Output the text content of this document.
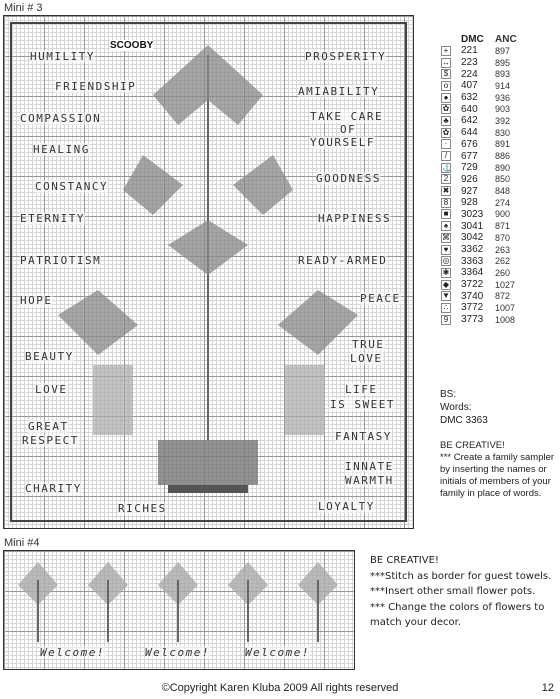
Mini # 3
SCOOBY
HUMILITY
FRIENDSHIP
COMPASSION
HEALING
CONSTANCY
ETERNITY
PATRIOTISM
HOPE
BEAUTY
LOVE
GREAT
RESPECT
CHARITY
RICHES
PROSPERITY
AMIABILITY
TAKE CARE
OF
YOURSELF
GOODNESS
HAPPINESS
READY-ARMED
PEACE
TRUE
LOVE
LIFE
IS SWEET
FANTASY
INNATE
WARMTH
LOYALTY
DMC	ANC
+ 221	897
↔ 223	895
$ 224	893
o 407	914
● 632	936
✿ 640	903
♣ 642	392
✿ 644	830
·	676	891
/	677	886
⚓ 729	890
2 926	850
✖ 927	848
8 928	274
■ 3023	900
♠ 3041	871
⌘ 3042	870
♥ 3362	263
◎ 3363	262
✱ 3364	260
◆ 3722	1027
▼ 3740	872
∴ 3772	1007
9 3773	1008
BS:
Words:
DMC 3363
BE CREATIVE!
*** Create a family sampler by inserting the names or initials of members of your family in place of words.
Mini #4
Welcome!	Welcome!	Welcome!
BE CREATIVE!
***Stitch as border for guest towels.
***Insert other small flower pots.
*** Change the colors of flowers to match your decor.
©Copyright Karen Kluba 2009 All rights reserved	12
